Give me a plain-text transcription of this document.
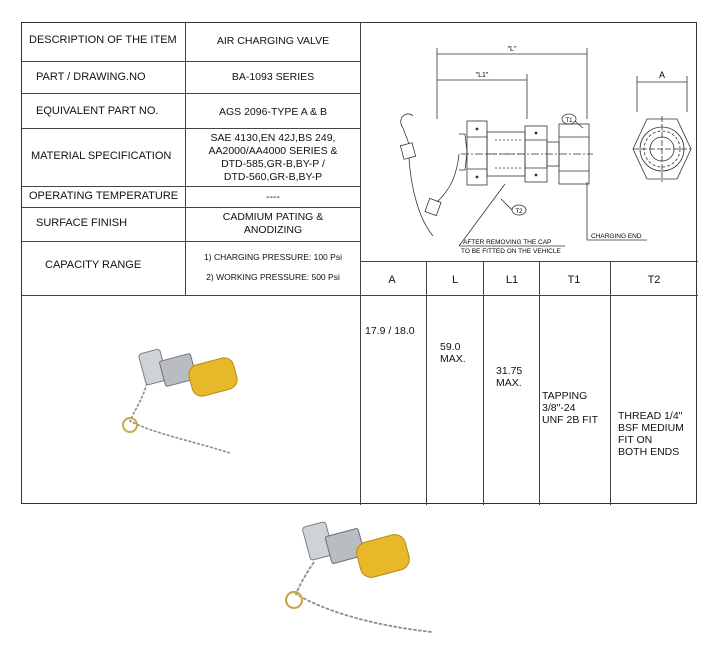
DESCRIPTION OF THE ITEM
PART / DRAWING.NO
EQUIVALENT PART NO.
MATERIAL SPECIFICATION
OPERATING TEMPERATURE
SURFACE FINISH
CAPACITY RANGE
AIR CHARGING VALVE
BA-1093 SERIES
AGS 2096-TYPE A & B
SAE 4130,EN 42J,BS 249,
AA2000/AA4000 SERIES &
DTD-585,GR-B,BY-P /
DTD-560,GR-B,BY-P
----
CADMIUM PATING &
ANODIZING
1) CHARGING PRESSURE: 100 Psi
2) WORKING PRESSURE: 500 Psi	A	L	L1	T1	T2
17.9 / 18.0
59.0
MAX.
31.75
MAX.
TAPPING
3/8"-24
UNF 2B FIT THREAD 1/4"
BSF MEDIUM
FIT ON
BOTH ENDS
"L"
"L1"	A
T1
T2
AFTER REMOVING THE CAP
TO BE FITTED ON THE VEHICLE
CHARGING END
